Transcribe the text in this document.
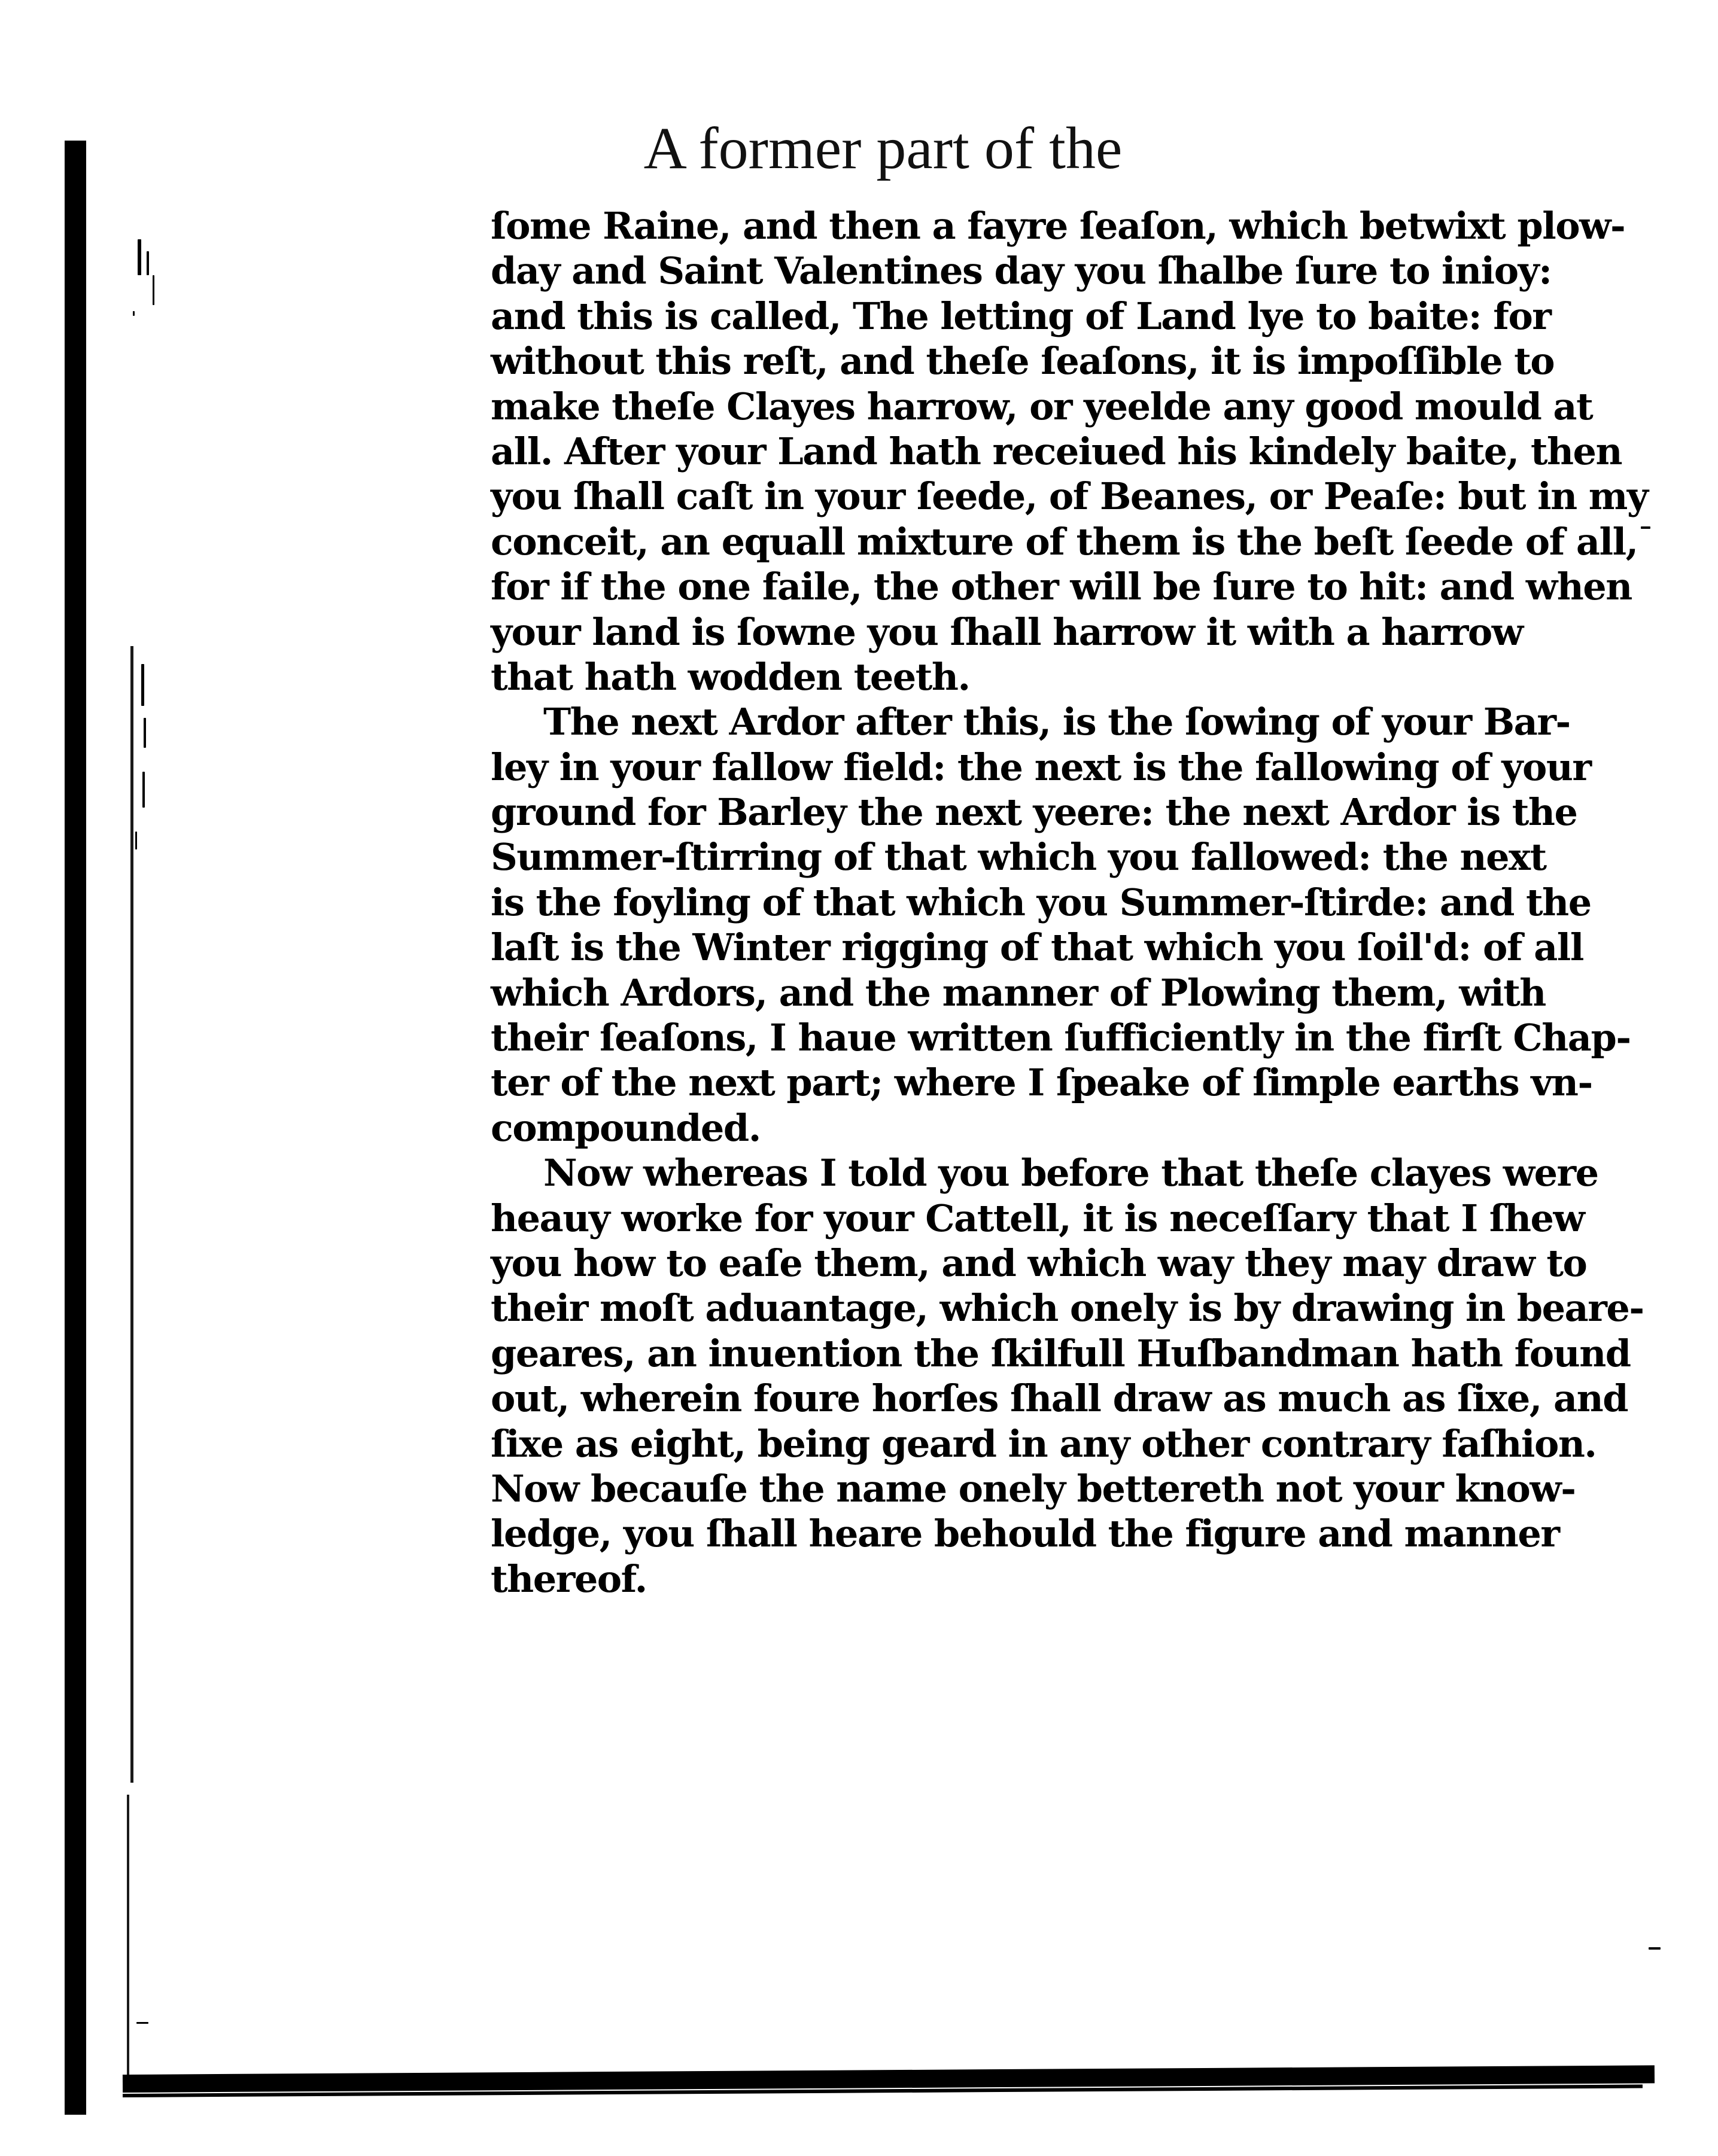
A former part of the
ſome Raine, and then a fayre ſeaſon, which betwixt plow-
day and Saint Valentines day you ſhalbe ſure to inioy:
and this is called, The letting of Land lye to baite: for
without this reſt, and theſe ſeaſons, it is impoſſible to
make theſe Clayes harrow, or yeelde any good mould at
all. After your Land hath receiued his kindely baite, then
you ſhall caſt in your ſeede, of Beanes, or Peaſe: but in my
conceit, an equall mixture of them is the beſt ſeede of all,
for if the one faile, the other will be ſure to hit: and when
your land is ſowne you ſhall harrow it with a harrow
that hath wodden teeth.
The next Ardor after this, is the ſowing of your Bar-
ley in your fallow field: the next is the fallowing of your
ground for Barley the next yeere: the next Ardor is the
Summer-ſtirring of that which you fallowed: the next
is the foyling of that which you Summer-ſtirde: and the
laſt is the Winter rigging of that which you ſoil'd: of all
which Ardors, and the manner of Plowing them, with
their ſeaſons, I haue written ſufficiently in the firſt Chap-
ter of the next part; where I ſpeake of ſimple earths vn-
compounded.
Now whereas I told you before that theſe clayes were
heauy worke for your Cattell, it is neceſſary that I ſhew
you how to eaſe them, and which way they may draw to
their moſt aduantage, which onely is by drawing in beare-
geares, an inuention the ſkilfull Huſbandman hath found
out, wherein foure horſes ſhall draw as much as ſixe, and
ſixe as eight, being geard in any other contrary faſhion.
Now becauſe the name onely bettereth not your know-
ledge, you ſhall heare behould the figure and manner
thereof.
